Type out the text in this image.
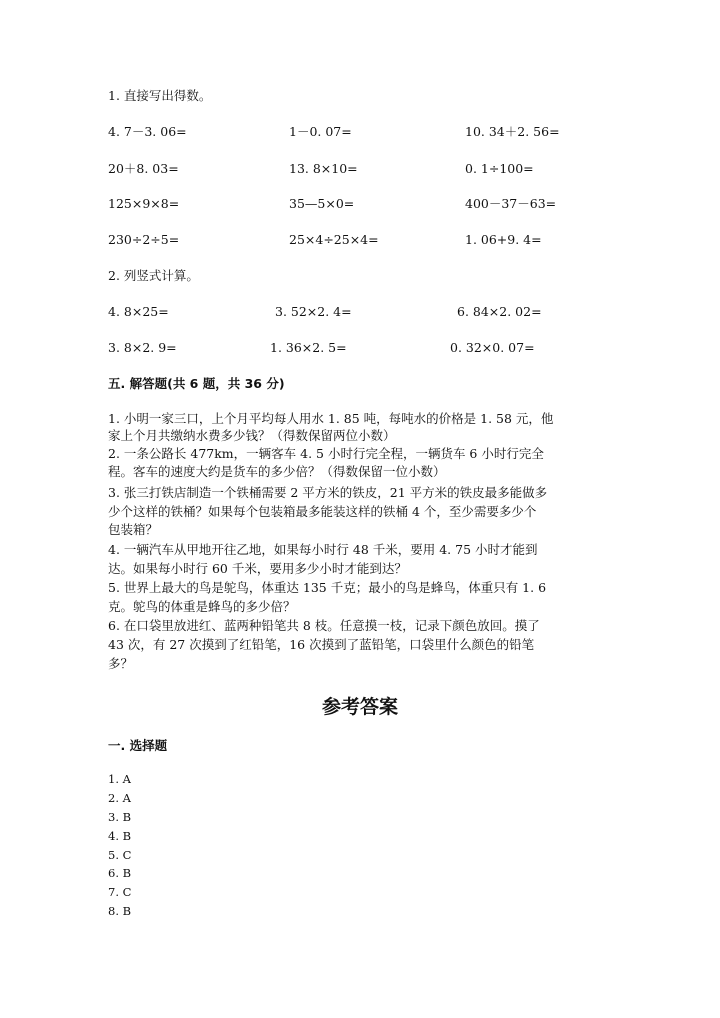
1. 直接写出得数。
4. 7－3. 06=	1－0. 07=	10. 34＋2. 56=
20＋8. 03=	13. 8×10=	0. 1÷100=
125×9×8=	35—5×0=	400－37－63=
230÷2÷5=	25×4÷25×4=	1. 06+9. 4=
2. 列竖式计算。
4. 8×25=	3. 52×2. 4=	6. 84×2. 02=
3. 8×2. 9=	1. 36×2. 5=	0. 32×0. 07=
五. 解答题(共 6 题，共 36 分)
1. 小明一家三口，上个月平均每人用水 1. 85 吨，每吨水的价格是 1. 58 元，他
家上个月共缴纳水费多少钱？（得数保留两位小数）
2. 一条公路长 477km，一辆客车 4. 5 小时行完全程，一辆货车 6 小时行完全
程。客车的速度大约是货车的多少倍？（得数保留一位小数）
3. 张三打铁店制造一个铁桶需要 2 平方米的铁皮，21 平方米的铁皮最多能做多
少个这样的铁桶？如果每个包装箱最多能装这样的铁桶 4 个，至少需要多少个
包装箱？
4. 一辆汽车从甲地开往乙地，如果每小时行 48 千米，要用 4. 75 小时才能到
达。如果每小时行 60 千米，要用多少小时才能到达？
5. 世界上最大的鸟是鸵鸟，体重达 135 千克；最小的鸟是蜂鸟，体重只有 1. 6
克。鸵鸟的体重是蜂鸟的多少倍？
6. 在口袋里放进红、蓝两种铅笔共 8 枝。任意摸一枝，记录下颜色放回。摸了
43 次，有 27 次摸到了红铅笔，16 次摸到了蓝铅笔，口袋里什么颜色的铅笔
多？
参考答案
一. 选择题
1. A
2. A
3. B
4. B
5. C
6. B
7. C
8. B
